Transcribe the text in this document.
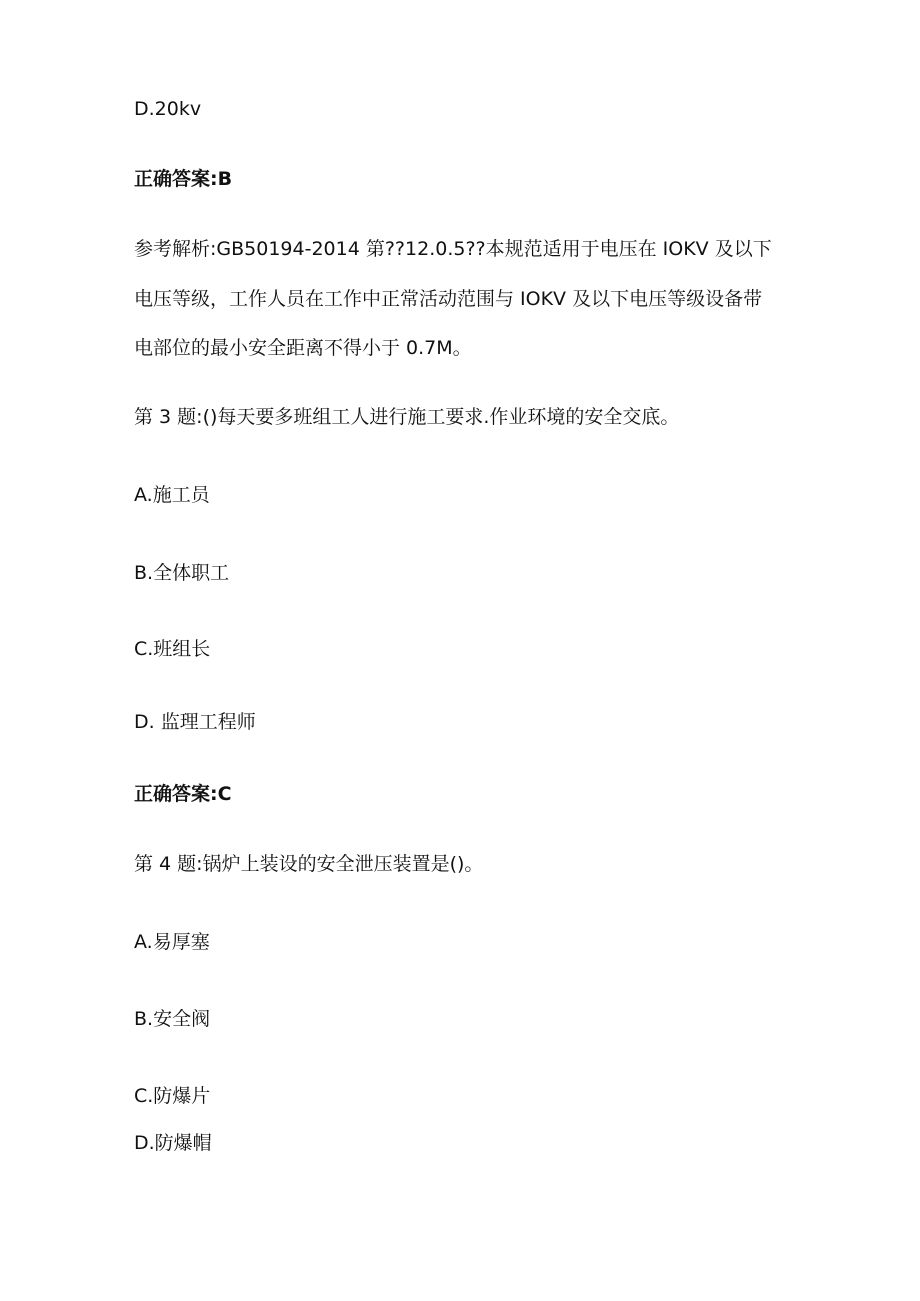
D.20kv
正确答案:B
参考解析:GB50194-2014 第??12.0.5??本规范适用于电压在 IOKV 及以下
电压等级，工作人员在工作中正常活动范围与 IOKV 及以下电压等级设备带
电部位的最小安全距离不得小于 0.7M。
第 3 题:()每天要多班组工人进行施工要求.作业环境的安全交底。
A.施工员
B.全体职工
C.班组长
D. 监理工程师
正确答案:C
第 4 题:锅炉上装设的安全泄压装置是()。
A.易厚塞
B.安全阀
C.防爆片
D.防爆帽
